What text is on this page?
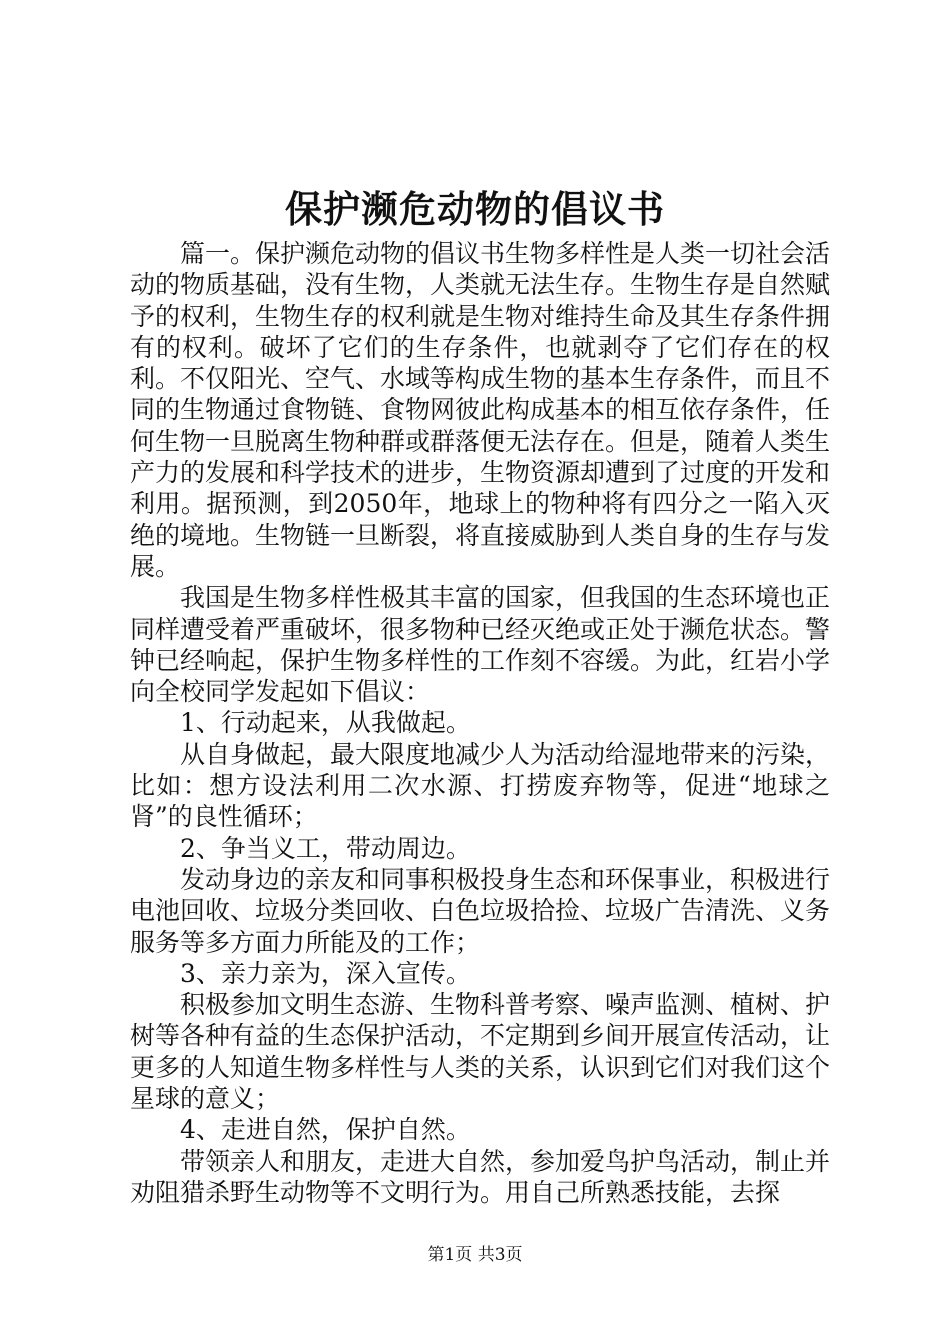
保护濒危动物的倡议书

篇一。保护濒危动物的倡议书生物多样性是人类一切社会活动的物质基础，没有生物，人类就无法生存。生物生存是自然赋予的权利，生物生存的权利就是生物对维持生命及其生存条件拥有的权利。破坏了它们的生存条件，也就剥夺了它们存在的权利。不仅阳光、空气、水域等构成生物的基本生存条件，而且不同的生物通过食物链、食物网彼此构成基本的相互依存条件，任何生物一旦脱离生物种群或群落便无法存在。但是，随着人类生产力的发展和科学技术的进步，生物资源却遭到了过度的开发和利用。据预测，到2050年，地球上的物种将有四分之一陷入灭绝的境地。生物链一旦断裂，将直接威胁到人类自身的生存与发展。

我国是生物多样性极其丰富的国家，但我国的生态环境也正同样遭受着严重破坏，很多物种已经灭绝或正处于濒危状态。警钟已经响起，保护生物多样性的工作刻不容缓。为此，红岩小学向全校同学发起如下倡议：

1、行动起来，从我做起。

从自身做起，最大限度地减少人为活动给湿地带来的污染，比如：想方设法利用二次水源、打捞废弃物等，促进“地球之肾”的良性循环；

2、争当义工，带动周边。

发动身边的亲友和同事积极投身生态和环保事业，积极进行电池回收、垃圾分类回收、白色垃圾拾捡、垃圾广告清洗、义务服务等多方面力所能及的工作；

3、亲力亲为，深入宣传。

积极参加文明生态游、生物科普考察、噪声监测、植树、护树等各种有益的生态保护活动，不定期到乡间开展宣传活动，让更多的人知道生物多样性与人类的关系，认识到它们对我们这个星球的意义；

4、走进自然，保护自然。

带领亲人和朋友，走进大自然，参加爱鸟护鸟活动，制止并劝阻猎杀野生动物等不文明行为。用自己所熟悉技能，去探

第1页 共3页
